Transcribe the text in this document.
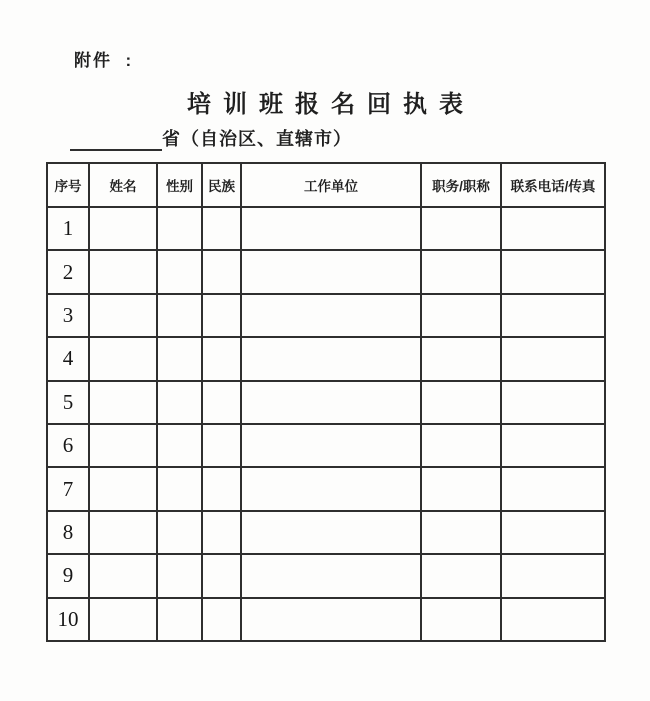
附件  :
培训班报名回执表
省（自治区、直辖市）
序号	姓名	性别	民族	工作单位	职务/职称	联系电话/传真
1						
2						
3						
4						
5						
6						
7						
8						
9						
10						
